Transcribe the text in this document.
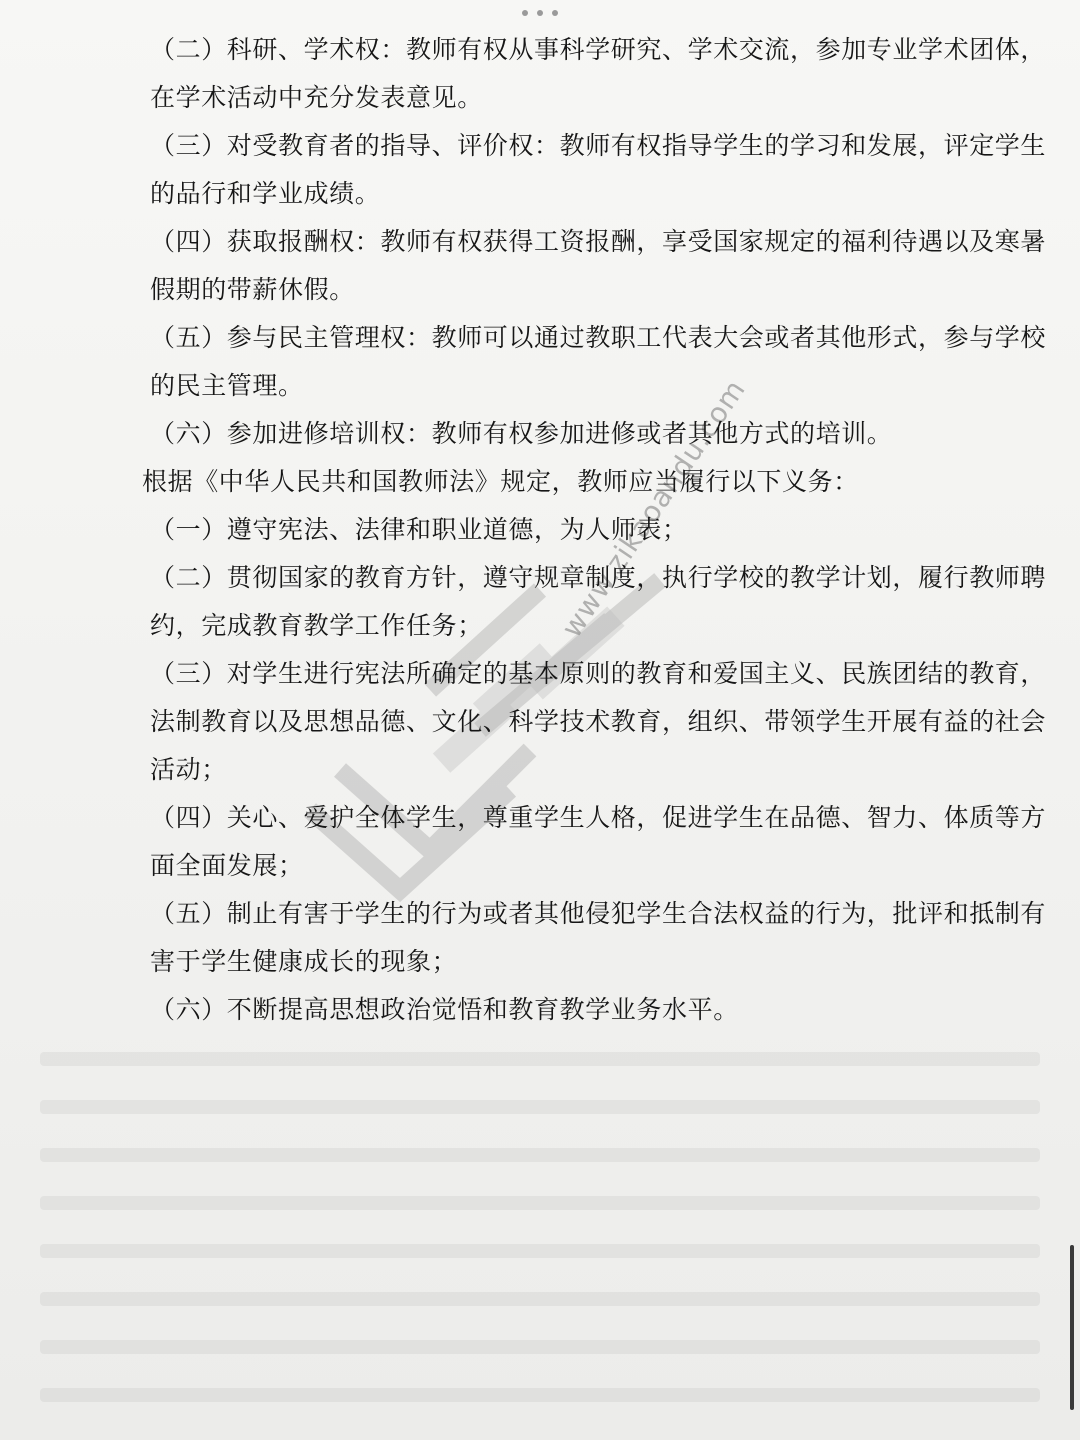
www.zikaoandu.com

（二）科研、学术权：教师有权从事科学研究、学术交流，参加专业学术团体，在学术活动中充分发表意见。

（三）对受教育者的指导、评价权：教师有权指导学生的学习和发展，评定学生的品行和学业成绩。

（四）获取报酬权：教师有权获得工资报酬，享受国家规定的福利待遇以及寒暑假期的带薪休假。

（五）参与民主管理权：教师可以通过教职工代表大会或者其他形式，参与学校的民主管理。

（六）参加进修培训权：教师有权参加进修或者其他方式的培训。

根据《中华人民共和国教师法》规定，教师应当履行以下义务：

（一）遵守宪法、法律和职业道德，为人师表；

（二）贯彻国家的教育方针，遵守规章制度，执行学校的教学计划，履行教师聘约，完成教育教学工作任务；

（三）对学生进行宪法所确定的基本原则的教育和爱国主义、民族团结的教育，法制教育以及思想品德、文化、科学技术教育，组织、带领学生开展有益的社会活动；

（四）关心、爱护全体学生，尊重学生人格，促进学生在品德、智力、体质等方面全面发展；

（五）制止有害于学生的行为或者其他侵犯学生合法权益的行为，批评和抵制有害于学生健康成长的现象；

（六）不断提高思想政治觉悟和教育教学业务水平。
